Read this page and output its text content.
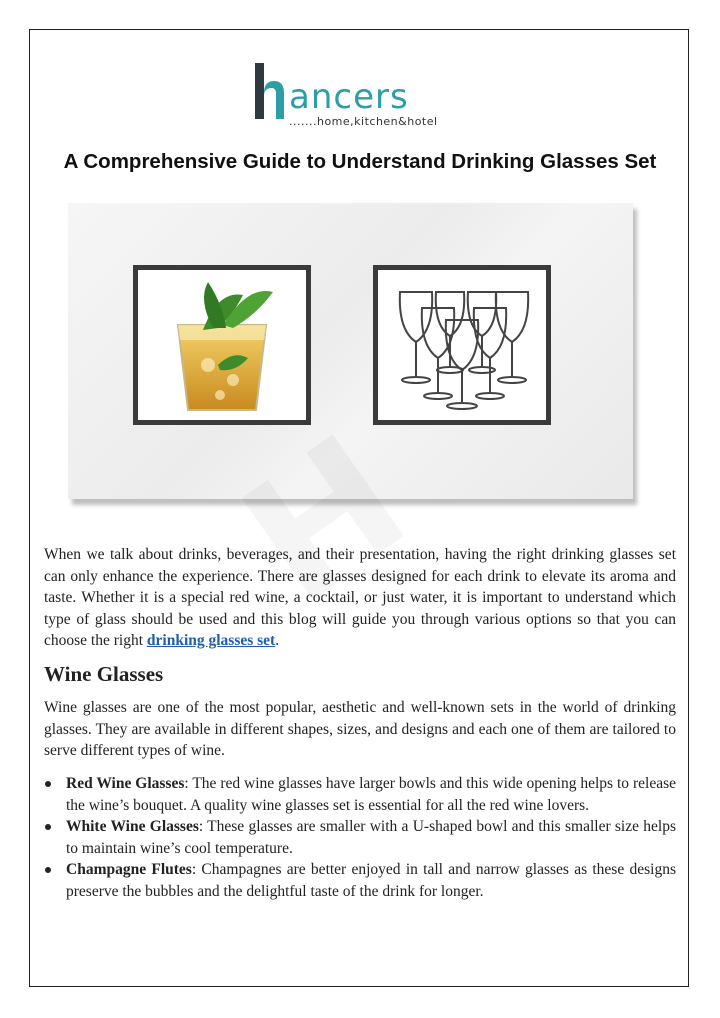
ancers
.......home,kitchen&hotel
A Comprehensive Guide to Understand Drinking Glasses Set
When we talk about drinks, beverages, and their presentation, having the right drinking glasses set can only enhance the experience. There are glasses designed for each drink to elevate its aroma and taste. Whether it is a special red wine, a cocktail, or just water, it is important to understand which type of glass should be used and this blog will guide you through various options so that you can choose the right drinking glasses set.
Wine Glasses
Wine glasses are one of the most popular, aesthetic and well-known sets in the world of drinking glasses. They are available in different shapes, sizes, and designs and each one of them are tailored to serve different types of wine.
Red Wine Glasses: The red wine glasses have larger bowls and this wide opening helps to release the wine’s bouquet. A quality wine glasses set is essential for all the red wine lovers.
White Wine Glasses: These glasses are smaller with a U-shaped bowl and this smaller size helps to maintain wine’s cool temperature.
Champagne Flutes: Champagnes are better enjoyed in tall and narrow glasses as these designs preserve the bubbles and the delightful taste of the drink for longer.
